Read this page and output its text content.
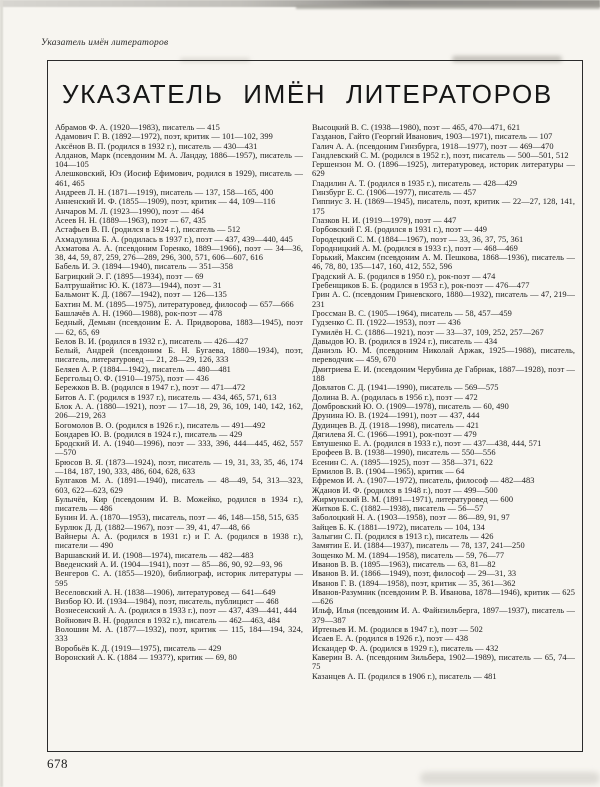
Указатель имён литераторов
УКАЗАТЕЛЬ ИМЁН ЛИТЕРАТОРОВ
Абрамов Ф. А. (1920—1983), писатель — 415
Адамович Г. В. (1892—1972), поэт, критик — 101—102, 399
Аксёнов В. П. (родился в 1932 г.), писатель — 430—431
Алданов, Марк (псевдоним М. А. Ландау, 1886—1957), писатель — 104—105
Алешковский, Юз (Иосиф Ефимович, родился в 1929), писатель — 461, 465
Андреев Л. Н. (1871—1919), писатель — 137, 158—165, 400
Анненский И. Ф. (1855—1909), поэт, критик — 44, 109—116
Анчаров М. Л. (1923—1990), поэт — 464
Асеев Н. Н. (1889—1963), поэт — 67, 435
Астафьев В. П. (родился в 1924 г.), писатель — 512
Ахмадулина Б. А. (родилась в 1937 г.), поэт — 437, 439—440, 445
Ахматова А. А. (псевдоним Горенко, 1889—1966), поэт — 34—36, 38, 44, 59, 87, 259, 276—289, 296, 300, 571, 606—607, 616
Бабель И. Э. (1894—1940), писатель — 351—358
Багрицкий Э. Г. (1895—1934), поэт — 69
Балтрушайтис Ю. К. (1873—1944), поэт — 31
Бальмонт К. Д. (1867—1942), поэт — 126—135
Бахтин М. М. (1895—1975), литературовед, философ — 657—666
Башлачёв А. Н. (1960—1988), рок-поэт — 478
Бедный, Демьян (псевдоним Е. А. Придворова, 1883—1945), поэт — 62, 65, 69
Белов В. И. (родился в 1932 г.), писатель — 426—427
Белый, Андрей (псевдоним Б. Н. Бугаева, 1880—1934), поэт, писатель, литературовед — 21, 28—29, 126, 333
Беляев А. Р. (1884—1942), писатель — 480—481
Берггольц О. Ф. (1910—1975), поэт — 436
Бережков В. В. (родился в 1947 г.), поэт — 471—472
Битов А. Г. (родился в 1937 г.), писатель — 434, 465, 571, 613
Блок А. А. (1880—1921), поэт — 17—18, 29, 36, 109, 140, 142, 162, 206—219, 263
Богомолов В. О. (родился в 1926 г.), писатель — 491—492
Бондарев Ю. В. (родился в 1924 г.), писатель — 429
Бродский И. А. (1940—1996), поэт — 333, 396, 444—445, 462, 557—570
Брюсов В. Я. (1873—1924), поэт, писатель — 19, 31, 33, 35, 46, 174—184, 187, 190, 333, 486, 604, 628, 633
Булгаков М. А. (1891—1940), писатель — 48—49, 54, 313—323, 603, 622—623, 629
Булычёв, Кир (псевдоним И. В. Можейко, родился в 1934 г.), писатель — 486
Бунин И. А. (1870—1953), писатель, поэт — 46, 148—158, 515, 635
Бурлюк Д. Д. (1882—1967), поэт — 39, 41, 47—48, 66
Вайнеры А. А. (родился в 1931 г.) и Г. А. (родился в 1938 г.), писатели — 490
Варшавский И. И. (1908—1974), писатель — 482—483
Введенский А. И. (1904—1941), поэт — 85—86, 90, 92—93, 96
Венгеров С. А. (1855—1920), библиограф, историк литературы — 595
Веселовский А. Н. (1838—1906), литературовед — 641—649
Визбор Ю. И. (1934—1984), поэт, писатель, публицист — 468
Вознесенский А. А. (родился в 1933 г.), поэт — 437, 439—441, 444
Войнович В. Н. (родился в 1932 г.), писатель — 462—463, 484
Волошин М. А. (1877—1932), поэт, критик — 115, 184—194, 324, 333
Воробьёв К. Д. (1919—1975), писатель — 429
Воронский А. К. (1884 — 1937?), критик — 69, 80
Высоцкий В. С. (1938—1980), поэт — 465, 470—471, 621
Газданов, Гайто (Георгий Иванович, 1903—1971), писатель — 107
Галич А. А. (псевдоним Гинзбурга, 1918—1977), поэт — 469—470
Гандлевский С. М. (родился в 1952 г.), поэт, писатель — 500—501, 512
Гершензон М. О. (1896—1925), литературовед, историк литературы — 629
Гладилин А. Т. (родился в 1935 г.), писатель — 428—429
Гинзбург Е. С. (1906—1977), писатель — 457
Гиппиус З. Н. (1869—1945), писатель, поэт, критик — 22—27, 128, 141, 175
Глазков Н. И. (1919—1979), поэт — 447
Горбовский Г. Я. (родился в 1931 г.), поэт — 449
Городецкий С. М. (1884—1967), поэт — 33, 36, 37, 75, 361
Городницкий А. М. (родился в 1933 г.), поэт — 468—469
Горький, Максим (псевдоним А. М. Пешкова, 1868—1936), писатель — 46, 78, 80, 135—147, 160, 412, 552, 596
Градский А. Б. (родился в 1950 г.), рок-поэт — 474
Гребенщиков Б. Б. (родился в 1953 г.), рок-поэт — 476—477
Грин А. С. (псевдоним Гриневского, 1880—1932), писатель — 47, 219—231
Гроссман В. С. (1905—1964), писатель — 58, 457—459
Гудзенко С. П. (1922—1953), поэт — 436
Гумилёв Н. С. (1886—1921), поэт — 33—37, 109, 252, 257—267
Давыдов Ю. В. (родился в 1924 г.), писатель — 434
Даниэль Ю. М. (псевдоним Николай Аржак, 1925—1988), писатель, переводчик — 459, 670
Дмитриева Е. И. (псевдоним Черубина де Габриак, 1887—1928), поэт — 188
Довлатов С. Д. (1941—1990), писатель — 569—575
Долина В. А. (родилась в 1956 г.), поэт — 472
Домбровский Ю. О. (1909—1978), писатель — 60, 490
Друнина Ю. В. (1924—1991), поэт — 437, 444
Дудинцев В. Д. (1918—1998), писатель — 421
Дягилева Я. С. (1966—1991), рок-поэт — 479
Евтушенко Е. А. (родился в 1933 г.), поэт — 437—438, 444, 571
Ерофеев В. В. (1938—1990), писатель — 550—556
Есенин С. А. (1895—1925), поэт — 358—371, 622
Ермилов В. В. (1904—1965), критик — 64
Ефремов И. А. (1907—1972), писатель, философ — 482—483
Жданов И. Ф. (родился в 1948 г.), поэт — 499—500
Жирмунский В. М. (1891—1971), литературовед — 600
Житков Б. С. (1882—1938), писатель — 56—57
Заболоцкий Н. А. (1903—1958), поэт — 86—89, 91, 97
Зайцев Б. К. (1881—1972), писатель — 104, 134
Залыгин С. П. (родился в 1913 г.), писатель — 426
Замятин Е. И. (1884—1937), писатель — 78, 137, 241—250
Зощенко М. М. (1894—1958), писатель — 59, 76—77
Иванов В. В. (1895—1963), писатель — 63, 81—82
Иванов В. И. (1866—1949), поэт, философ — 29—31, 33
Иванов Г. В. (1894—1958), поэт, критик — 35, 361—362
Иванов-Разумник (псевдоним Р. В. Иванова, 1878—1946), критик — 625—626
Ильф, Илья (псевдоним И. А. Файнзильберга, 1897—1937), писатель — 379—387
Иртеньев И. М. (родился в 1947 г.), поэт — 502
Исаев Е. А. (родился в 1926 г.), поэт — 438
Искандер Ф. А. (родился в 1929 г.), писатель — 432
Каверин В. А. (псевдоним Зильбера, 1902—1989), писатель — 65, 74—75
Казанцев А. П. (родился в 1906 г.), писатель — 481
678
